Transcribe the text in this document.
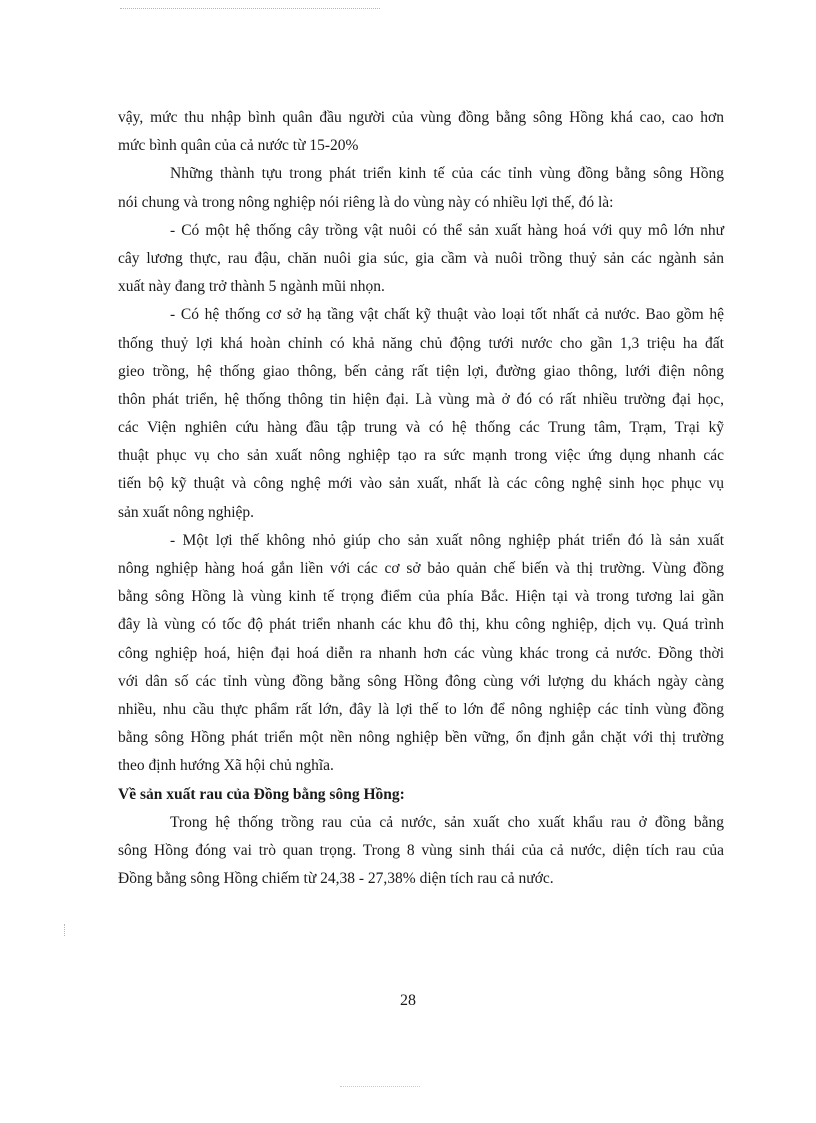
vậy, mức thu nhập bình quân đầu người của vùng đồng bằng sông Hồng khá cao, cao hơn
mức bình quân của cả nước từ 15-20%
Những thành tựu trong phát triển kinh tế của các tỉnh vùng đồng bằng sông Hồng
nói chung và trong nông nghiệp nói riêng là do vùng này có nhiều lợi thế, đó là:
- Có một hệ thống cây trồng vật nuôi có thể sản xuất hàng hoá với quy mô lớn như
cây lương thực, rau đậu, chăn nuôi gia súc, gia cầm và nuôi trồng thuỷ sản các ngành sản
xuất này đang trở thành 5 ngành mũi nhọn.
- Có hệ thống cơ sở hạ tầng vật chất kỹ thuật vào loại tốt nhất cả nước. Bao gồm hệ
thống thuỷ lợi khá hoàn chỉnh có khả năng chủ động tưới nước cho gần 1,3 triệu ha đất
gieo trồng, hệ thống giao thông, bến cảng rất tiện lợi, đường giao thông, lưới điện nông
thôn phát triển, hệ thống thông tin hiện đại. Là vùng mà ở đó có rất nhiều trường đại học,
các Viện nghiên cứu hàng đầu tập trung và có hệ thống các Trung tâm, Trạm, Trại kỹ
thuật phục vụ cho sản xuất nông nghiệp tạo ra sức mạnh trong việc ứng dụng nhanh các
tiến bộ kỹ thuật và công nghệ mới vào sản xuất, nhất là các công nghệ sinh học phục vụ
sản xuất nông nghiệp.
- Một lợi thế không nhỏ giúp cho sản xuất nông nghiệp phát triển đó là sản xuất
nông nghiệp hàng hoá gắn liền với các cơ sở bảo quản chế biến và thị trường. Vùng đồng
bằng sông Hồng là vùng kinh tế trọng điểm của phía Bắc. Hiện tại và trong tương lai gần
đây là vùng có tốc độ phát triển nhanh các khu đô thị, khu công nghiệp, dịch vụ. Quá trình
công nghiệp hoá, hiện đại hoá diễn ra nhanh hơn các vùng khác trong cả nước. Đồng thời
với dân số các tỉnh vùng đồng bằng sông Hồng đông cùng với lượng du khách ngày càng
nhiều, nhu cầu thực phẩm rất lớn, đây là lợi thế to lớn để nông nghiệp các tỉnh vùng đồng
bằng sông Hồng phát triển một nền nông nghiệp bền vững, ổn định gắn chặt với thị trường
theo định hướng Xã hội chủ nghĩa.
Về sản xuất rau của Đồng bằng sông Hồng:
Trong hệ thống trồng rau của cả nước, sản xuất cho xuất khẩu rau ở đồng bằng
sông Hồng đóng vai trò quan trọng. Trong 8 vùng sinh thái của cả nước, diện tích rau của
Đồng bằng sông Hồng chiếm từ 24,38 - 27,38% diện tích rau cả nước.
28
